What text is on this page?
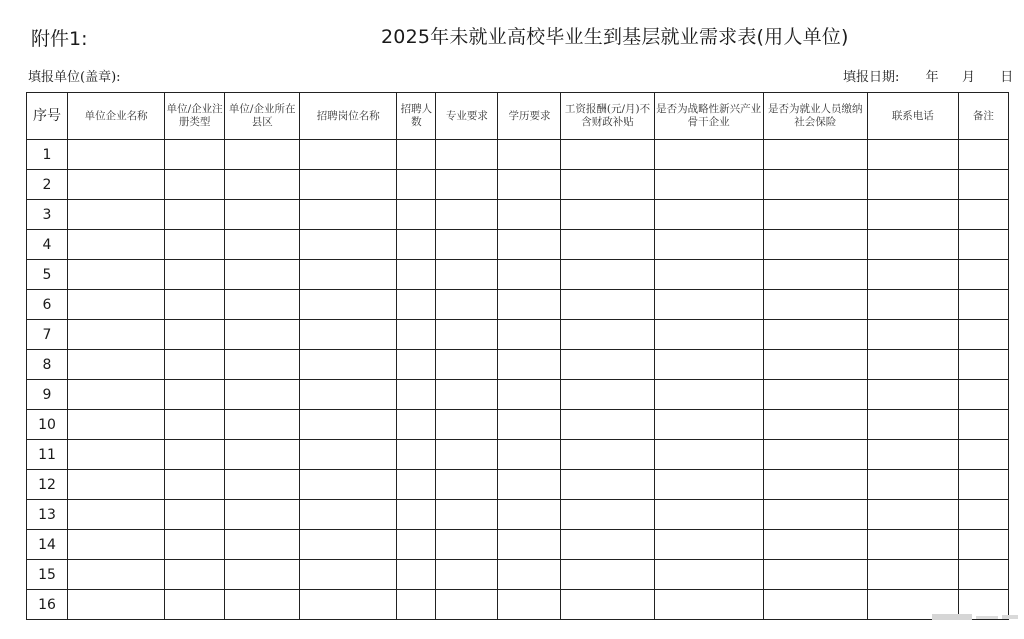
附件1:	2025年未就业高校毕业生到基层就业需求表(用人单位)
填报单位(盖章):	填报日期: 年 月 日
序号	单位企业名称	单位/企业注册类型	单位/企业所在县区	招聘岗位名称	招聘人数	专业要求	学历要求	工资报酬(元/月)不含财政补贴	是否为战略性新兴产业骨干企业	是否为就业人员缴纳社会保险	联系电话	备注
1												
2												
3												
4												
5												
6												
7												
8												
9												
10												
11												
12												
13												
14												
15												
16												
